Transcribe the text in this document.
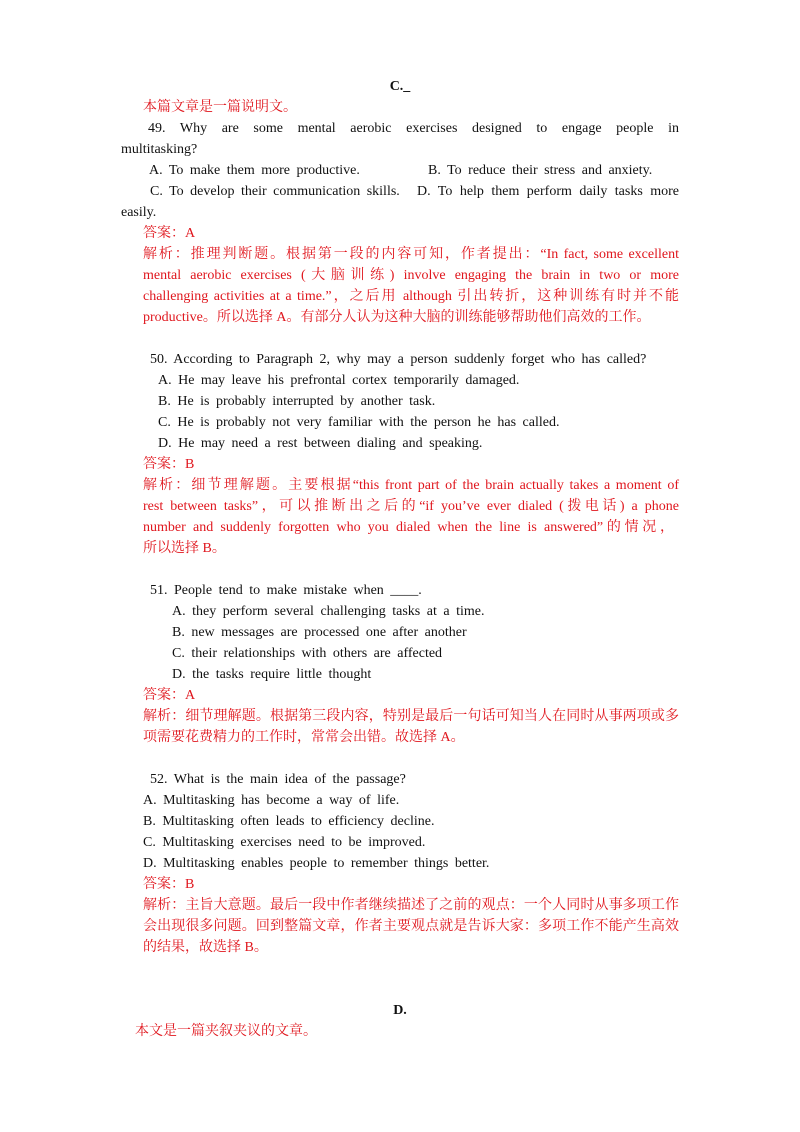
C._
本篇文章是一篇说明文。
49. Why are some mental aerobic exercises designed to engage people in
multitasking?
A. To make them more productive.	B. To reduce their stress and anxiety.
C. To develop their communication skills. D. To help them perform daily tasks more
easily.
答案：A
解析：推理判断题。根据第一段的内容可知，作者提出：“In fact, some excellent
mental aerobic exercises (大脑训练) involve engaging the brain in two or more
challenging activities at a time.”，之后用 although 引出转折，这种训练有时并不能
productive。所以选择 A。有部分人认为这种大脑的训练能够帮助他们高效的工作。
50. According to Paragraph 2, why may a person suddenly forget who has called?
A. He may leave his prefrontal cortex temporarily damaged.
B. He is probably interrupted by another task.
C. He is probably not very familiar with the person he has called.
D. He may need a rest between dialing and speaking.
答案：B
解析：细节理解题。主要根据“this front part of the brain actually takes a moment of
rest between tasks”，可以推断出之后的“if you’ve ever dialed (拨电话) a phone
number and suddenly forgotten who you dialed when the line is answered”的情况，
所以选择 B。
51. People tend to make mistake when ____.
A. they perform several challenging tasks at a time.
B. new messages are processed one after another
C. their relationships with others are affected
D. the tasks require little thought
答案：A
解析：细节理解题。根据第三段内容，特别是最后一句话可知当人在同时从事两项或多
项需要花费精力的工作时，常常会出错。故选择 A。
52. What is the main idea of the passage?
A. Multitasking has become a way of life.
B. Multitasking often leads to efficiency decline.
C. Multitasking exercises need to be improved.
D. Multitasking enables people to remember things better.
答案：B
解析：主旨大意题。最后一段中作者继续描述了之前的观点：一个人同时从事多项工作
会出现很多问题。回到整篇文章，作者主要观点就是告诉大家：多项工作不能产生高效
的结果，故选择 B。
D.
本文是一篇夹叙夹议的文章。
